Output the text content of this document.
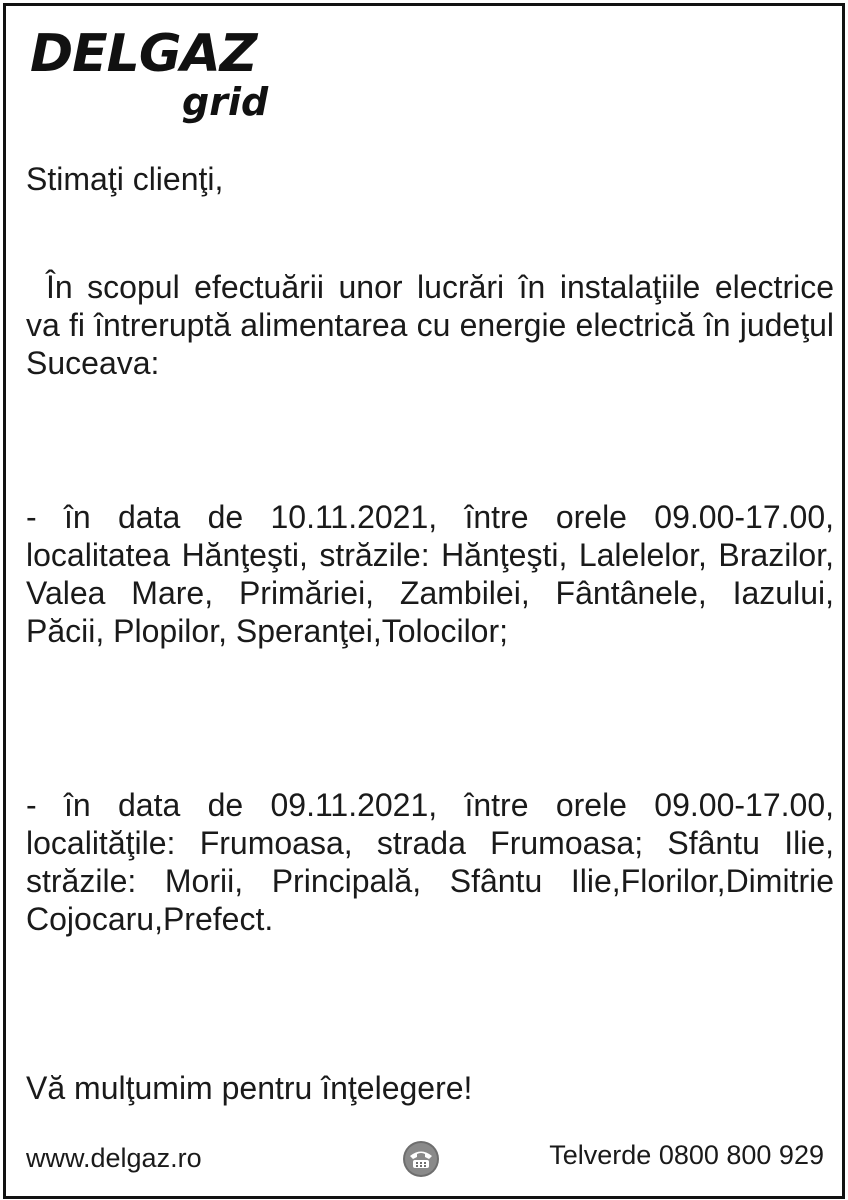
DELGAZ
grid
Stimaţi clienţi,
În scopul efectuării unor lucrări în instalaţiile electrice va fi întreruptă alimentarea cu energie electrică în judeţul Suceava:
- în data de 10.11.2021, între orele 09.00-17.00, localitatea Hănţeşti, străzile: Hănţeşti, Lalelelor, Brazilor, Valea Mare, Primăriei, Zambilei, Fântânele, Iazului, Păcii, Plopilor, Speranţei,Tolocilor;
- în data de 09.11.2021, între orele 09.00-17.00, localităţile: Frumoasa, strada Frumoasa; Sfântu Ilie, străzile: Morii, Principală, Sfântu Ilie,Florilor,Dimitrie Cojocaru,Prefect.
Vă mulţumim pentru înţelegere!
www.delgaz.ro	Telverde 0800 800 929
